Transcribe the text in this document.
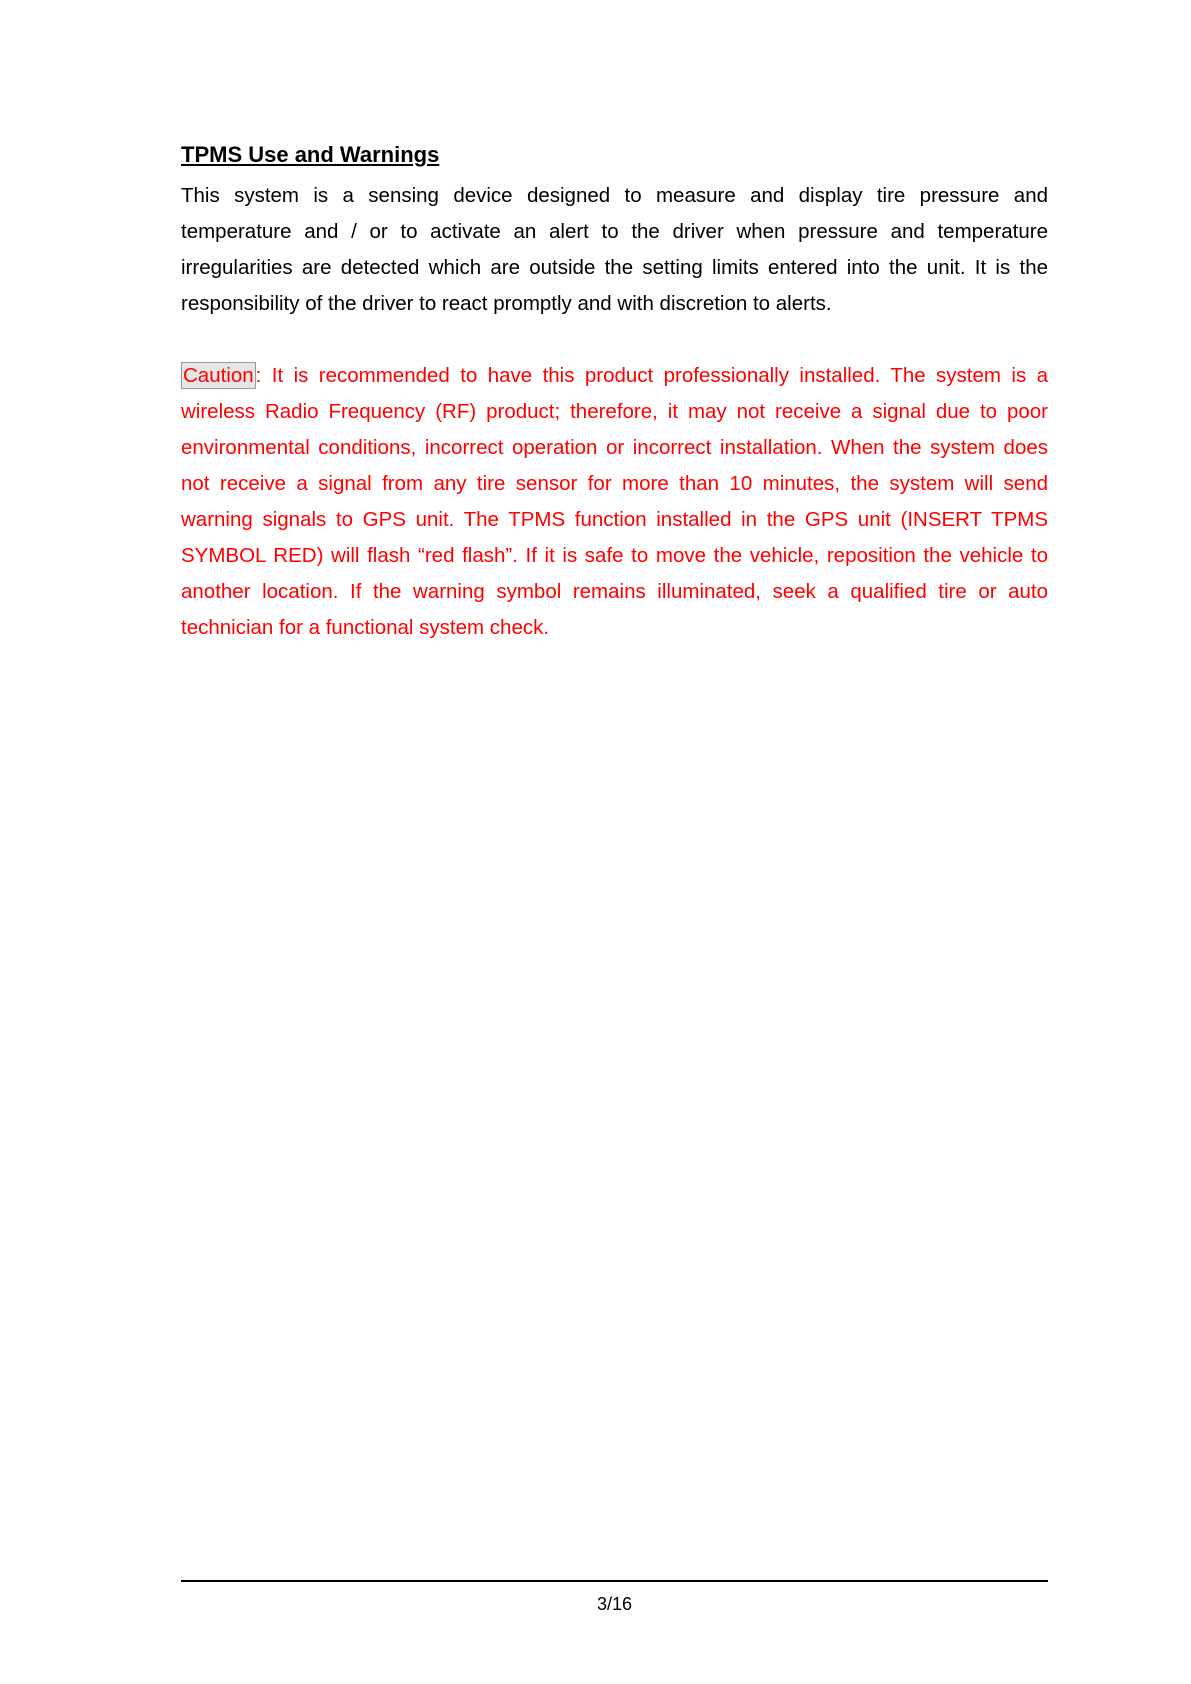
TPMS Use and Warnings

This system is a sensing device designed to measure and display tire pressure and temperature and / or to activate an alert to the driver when pressure and temperature irregularities are detected which are outside the setting limits entered into the unit. It is the responsibility of the driver to react promptly and with discretion to alerts.

Caution: It is recommended to have this product professionally installed. The system is a wireless Radio Frequency (RF) product; therefore, it may not receive a signal due to poor environmental conditions, incorrect operation or incorrect installation. When the system does not receive a signal from any tire sensor for more than 10 minutes, the system will send warning signals to GPS unit. The TPMS function installed in the GPS unit (INSERT TPMS SYMBOL RED) will flash “red flash”. If it is safe to move the vehicle, reposition the vehicle to another location. If the warning symbol remains illuminated, seek a qualified tire or auto technician for a functional system check.

3/16
